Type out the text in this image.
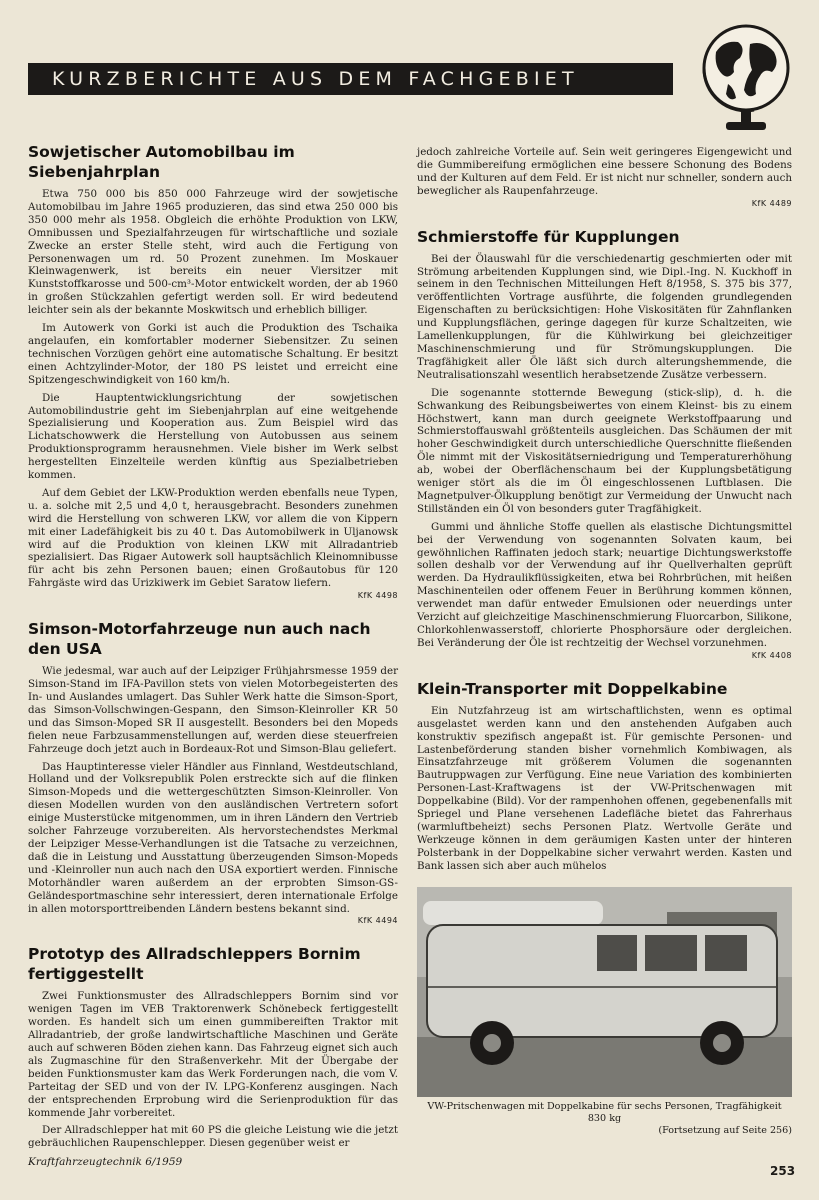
KURZBERICHTE AUS DEM FACHGEBIET
Sowjetischer Automobilbau im Siebenjahrplan

Etwa 750 000 bis 850 000 Fahrzeuge wird der sowjetische Automobilbau im Jahre 1965 produzieren, das sind etwa 250 000 bis 350 000 mehr als 1958. Obgleich die erhöhte Produktion von LKW, Omnibussen und Spezialfahrzeugen für wirtschaftliche und soziale Zwecke an erster Stelle steht, wird auch die Fertigung von Personenwagen um rd. 50 Prozent zunehmen. Im Moskauer Kleinwagenwerk, ist bereits ein neuer Viersitzer mit Kunststoffkarosse und 500-cm³-Motor entwickelt worden, der ab 1960 in großen Stückzahlen gefertigt werden soll. Er wird bedeutend leichter sein als der bekannte Moskwitsch und erheblich billiger.

Im Autowerk von Gorki ist auch die Produktion des Tschaika angelaufen, ein komfortabler moderner Siebensitzer. Zu seinen technischen Vorzügen gehört eine automatische Schaltung. Er besitzt einen Achtzylinder-Motor, der 180 PS leistet und erreicht eine Spitzengeschwindigkeit von 160 km/h.

Die Hauptentwicklungsrichtung der sowjetischen Automobilindustrie geht im Siebenjahrplan auf eine weitgehende Spezialisierung und Kooperation aus. Zum Beispiel wird das Lichatschowwerk die Herstellung von Autobussen aus seinem Produktionsprogramm herausnehmen. Viele bisher im Werk selbst hergestellten Einzelteile werden künftig aus Spezialbetrieben kommen.

Auf dem Gebiet der LKW-Produktion werden ebenfalls neue Typen, u. a. solche mit 2,5 und 4,0 t, herausgebracht. Besonders zunehmen wird die Herstellung von schweren LKW, vor allem die von Kippern mit einer Ladefähigkeit bis zu 40 t. Das Automobilwerk in Uljanowsk wird auf die Produktion von kleinen LKW mit Allradantrieb spezialisiert. Das Rigaer Autowerk soll hauptsächlich Kleinomnibusse für acht bis zehn Personen bauen; einen Großautobus für 120 Fahrgäste wird das Urizkiwerk im Gebiet Saratow liefern.

KfK 4498
Simson-Motorfahrzeuge nun auch nach den USA

Wie jedesmal, war auch auf der Leipziger Frühjahrsmesse 1959 der Simson-Stand im IFA-Pavillon stets von vielen Motorbegeisterten des In- und Auslandes umlagert. Das Suhler Werk hatte die Simson-Sport, das Simson-Vollschwingen-Gespann, den Simson-Kleinroller KR 50 und das Simson-Moped SR II ausgestellt. Besonders bei den Mopeds fielen neue Farbzusammenstellungen auf, werden diese steuerfreien Fahrzeuge doch jetzt auch in Bordeaux-Rot und Simson-Blau geliefert.

Das Hauptinteresse vieler Händler aus Finnland, Westdeutschland, Holland und der Volksrepublik Polen erstreckte sich auf die flinken Simson-Mopeds und die wettergeschützten Simson-Kleinroller. Von diesen Modellen wurden von den ausländischen Vertretern sofort einige Musterstücke mitgenommen, um in ihren Ländern den Vertrieb solcher Fahrzeuge vorzubereiten. Als hervorstechendstes Merkmal der Leipziger Messe-Verhandlungen ist die Tatsache zu verzeichnen, daß die in Leistung und Ausstattung überzeugenden Simson-Mopeds und -Kleinroller nun auch nach den USA exportiert werden. Finnische Motorhändler waren außerdem an der erprobten Simson-GS-Geländesportmaschine sehr interessiert, deren internationale Erfolge in allen motorsporttreibenden Ländern bestens bekannt sind.

KfK 4494
Prototyp des Allradschleppers Bornim fertiggestellt

Zwei Funktionsmuster des Allradschleppers Bornim sind vor wenigen Tagen im VEB Traktorenwerk Schönebeck fertiggestellt worden. Es handelt sich um einen gummibereiften Traktor mit Allradantrieb, der große landwirtschaftliche Maschinen und Geräte auch auf schweren Böden ziehen kann. Das Fahrzeug eignet sich auch als Zugmaschine für den Straßenverkehr. Mit der Übergabe der beiden Funktionsmuster kam das Werk Forderungen nach, die vom V. Parteitag der SED und von der IV. LPG-Konferenz ausgingen. Nach der entsprechenden Erprobung wird die Serienproduktion für das kommende Jahr vorbereitet.

Der Allradschlepper hat mit 60 PS die gleiche Leistung wie die jetzt gebräuchlichen Raupenschlepper. Diesen gegenüber weist er

jedoch zahlreiche Vorteile auf. Sein weit geringeres Eigengewicht und die Gummibereifung ermöglichen eine bessere Schonung des Bodens und der Kulturen auf dem Feld. Er ist nicht nur schneller, sondern auch beweglicher als Raupenfahrzeuge.

KfK 4489
Schmierstoffe für Kupplungen

Bei der Ölauswahl für die verschiedenartig geschmierten oder mit Strömung arbeitenden Kupplungen sind, wie Dipl.-Ing. N. Kuckhoff in seinem in den Technischen Mitteilungen Heft 8/1958, S. 375 bis 377, veröffentlichten Vortrage ausführte, die folgenden grundlegenden Eigenschaften zu berücksichtigen: Hohe Viskositäten für Zahnflanken und Kupplungsflächen, geringe dagegen für kurze Schaltzeiten, wie Lamellenkupplungen, für die Kühlwirkung bei gleichzeitiger Maschinenschmierung und für Strömungskupplungen. Die Tragfähigkeit aller Öle läßt sich durch alterungshemmende, die Neutralisationszahl wesentlich herabsetzende Zusätze verbessern.

Die sogenannte stotternde Bewegung (stick-slip), d. h. die Schwankung des Reibungsbeiwertes von einem Kleinst- bis zu einem Höchstwert, kann man durch geeignete Werkstoffpaarung und Schmierstoffauswahl größtenteils ausgleichen. Das Schäumen der mit hoher Geschwindigkeit durch unterschiedliche Querschnitte fließenden Öle nimmt mit der Viskositätserniedrigung und Temperaturerhöhung ab, wobei der Oberflächenschaum bei der Kupplungsbetätigung weniger stört als die im Öl eingeschlossenen Luftblasen. Die Magnetpulver-Ölkupplung benötigt zur Vermeidung der Unwucht nach Stillständen ein Öl von besonders guter Tragfähigkeit.

Gummi und ähnliche Stoffe quellen als elastische Dichtungsmittel bei der Verwendung von sogenannten Solvaten kaum, bei gewöhnlichen Raffinaten jedoch stark; neuartige Dichtungswerkstoffe sollen deshalb vor der Verwendung auf ihr Quellverhalten geprüft werden. Da Hydraulikflüssigkeiten, etwa bei Rohrbrüchen, mit heißen Maschinenteilen oder offenem Feuer in Berührung kommen können, verwendet man dafür entweder Emulsionen oder neuerdings unter Verzicht auf gleichzeitige Maschinenschmierung Fluorcarbon, Silikone, Chlorkohlenwasserstoff, chlorierte Phosphorsäure oder dergleichen. Bei Veränderung der Öle ist rechtzeitig der Wechsel vorzunehmen.

KfK 4408
Klein-Transporter mit Doppelkabine

Ein Nutzfahrzeug ist am wirtschaftlichsten, wenn es optimal ausgelastet werden kann und den anstehenden Aufgaben auch konstruktiv spezifisch angepaßt ist. Für gemischte Personen- und Lastenbeförderung standen bisher vornehmlich Kombiwagen, als Einsatzfahrzeuge mit größerem Volumen die sogenannten Bautruppwagen zur Verfügung. Eine neue Variation des kombinierten Personen-Last-Kraftwagens ist der VW-Pritschenwagen mit Doppelkabine (Bild). Vor der rampenhohen offenen, gegebenenfalls mit Spriegel und Plane versehenen Ladefläche bietet das Fahrerhaus (warmluftbeheizt) sechs Personen Platz. Wertvolle Geräte und Werkzeuge können in dem geräumigen Kasten unter der hinteren Polsterbank in der Doppelkabine sicher verwahrt werden. Kasten und Bank lassen sich aber auch mühelos

VW-Pritschenwagen mit Doppelkabine für sechs Personen, Tragfähigkeit 830 kg
(Fortsetzung auf Seite 256)
Kraftfahrzeugtechnik 6/1959
253
